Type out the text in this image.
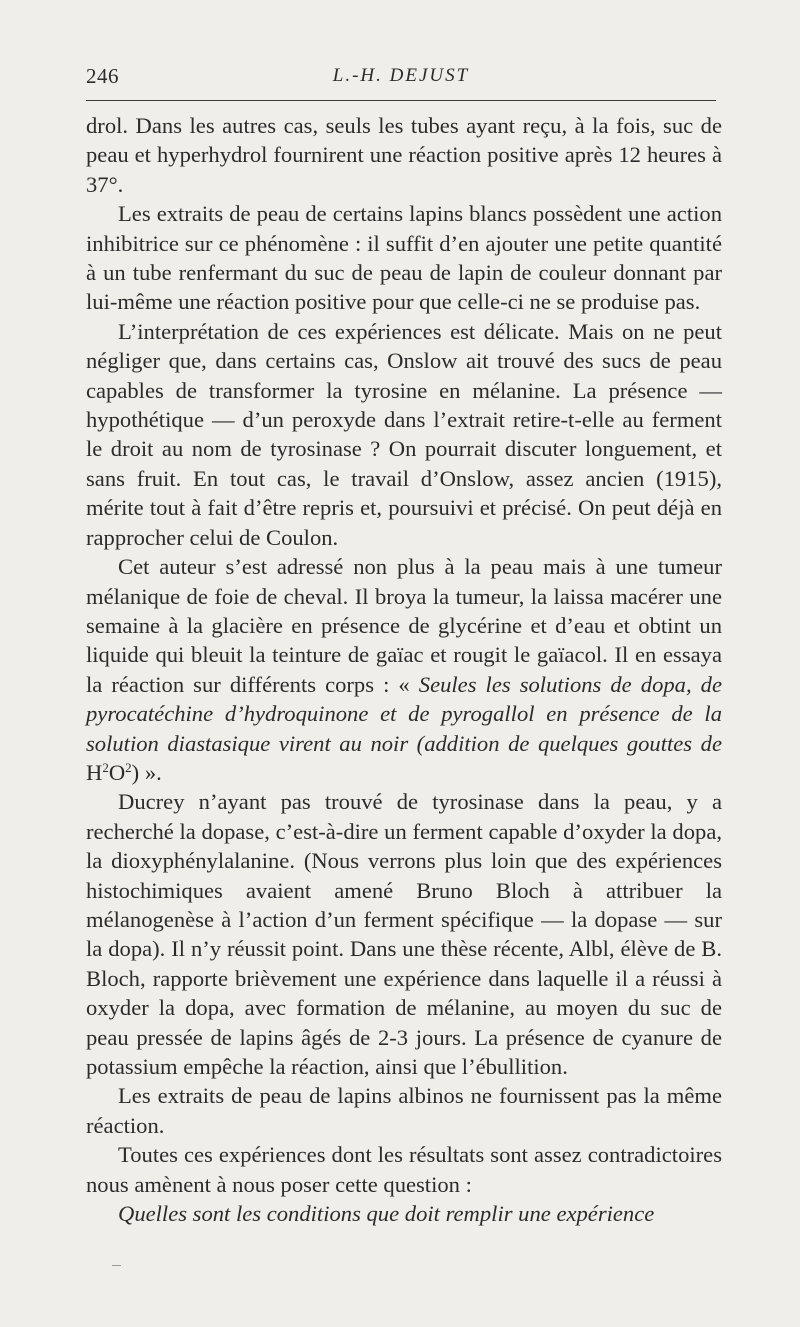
246	L.-H. DEJUST

drol. Dans les autres cas, seuls les tubes ayant reçu, à la fois, suc de peau et hyperhydrol fournirent une réaction positive après 12 heures à 37°.

Les extraits de peau de certains lapins blancs possèdent une action inhibitrice sur ce phénomène : il suffit d’en ajouter une petite quantité à un tube renfermant du suc de peau de lapin de couleur donnant par lui-même une réaction positive pour que celle-ci ne se produise pas.

L’interprétation de ces expériences est délicate. Mais on ne peut négliger que, dans certains cas, Onslow ait trouvé des sucs de peau capables de transformer la tyrosine en mélanine. La présence — hypothétique — d’un peroxyde dans l’extrait retire-t-elle au ferment le droit au nom de tyrosinase ? On pourrait discuter longuement, et sans fruit. En tout cas, le travail d’Onslow, assez ancien (1915), mérite tout à fait d’être repris et, poursuivi et précisé. On peut déjà en rapprocher celui de Coulon.

Cet auteur s’est adressé non plus à la peau mais à une tumeur mélanique de foie de cheval. Il broya la tumeur, la laissa macérer une semaine à la glacière en présence de glycérine et d’eau et obtint un liquide qui bleuit la teinture de gaïac et rougit le gaïacol. Il en essaya la réaction sur différents corps : « Seules les solutions de dopa, de pyrocatéchine d’hydroquinone et de pyrogallol en présence de la solution diastasique virent au noir (addition de quelques gouttes de $H^2O^2$) ».

Ducrey n’ayant pas trouvé de tyrosinase dans la peau, y a recherché la dopase, c’est-à-dire un ferment capable d’oxyder la dopa, la dioxyphénylalanine. (Nous verrons plus loin que des expériences histochimiques avaient amené Bruno Bloch à attribuer la mélanogenèse à l’action d’un ferment spécifique — la dopase — sur la dopa). Il n’y réussit point. Dans une thèse récente, Albl, élève de B. Bloch, rapporte brièvement une expérience dans laquelle il a réussi à oxyder la dopa, avec formation de mélanine, au moyen du suc de peau pressée de lapins âgés de 2-3 jours. La présence de cyanure de potassium empêche la réaction, ainsi que l’ébullition.

Les extraits de peau de lapins albinos ne fournissent pas la même réaction.

Toutes ces expériences dont les résultats sont assez contradictoires nous amènent à nous poser cette question :

Quelles sont les conditions que doit remplir une expérience
